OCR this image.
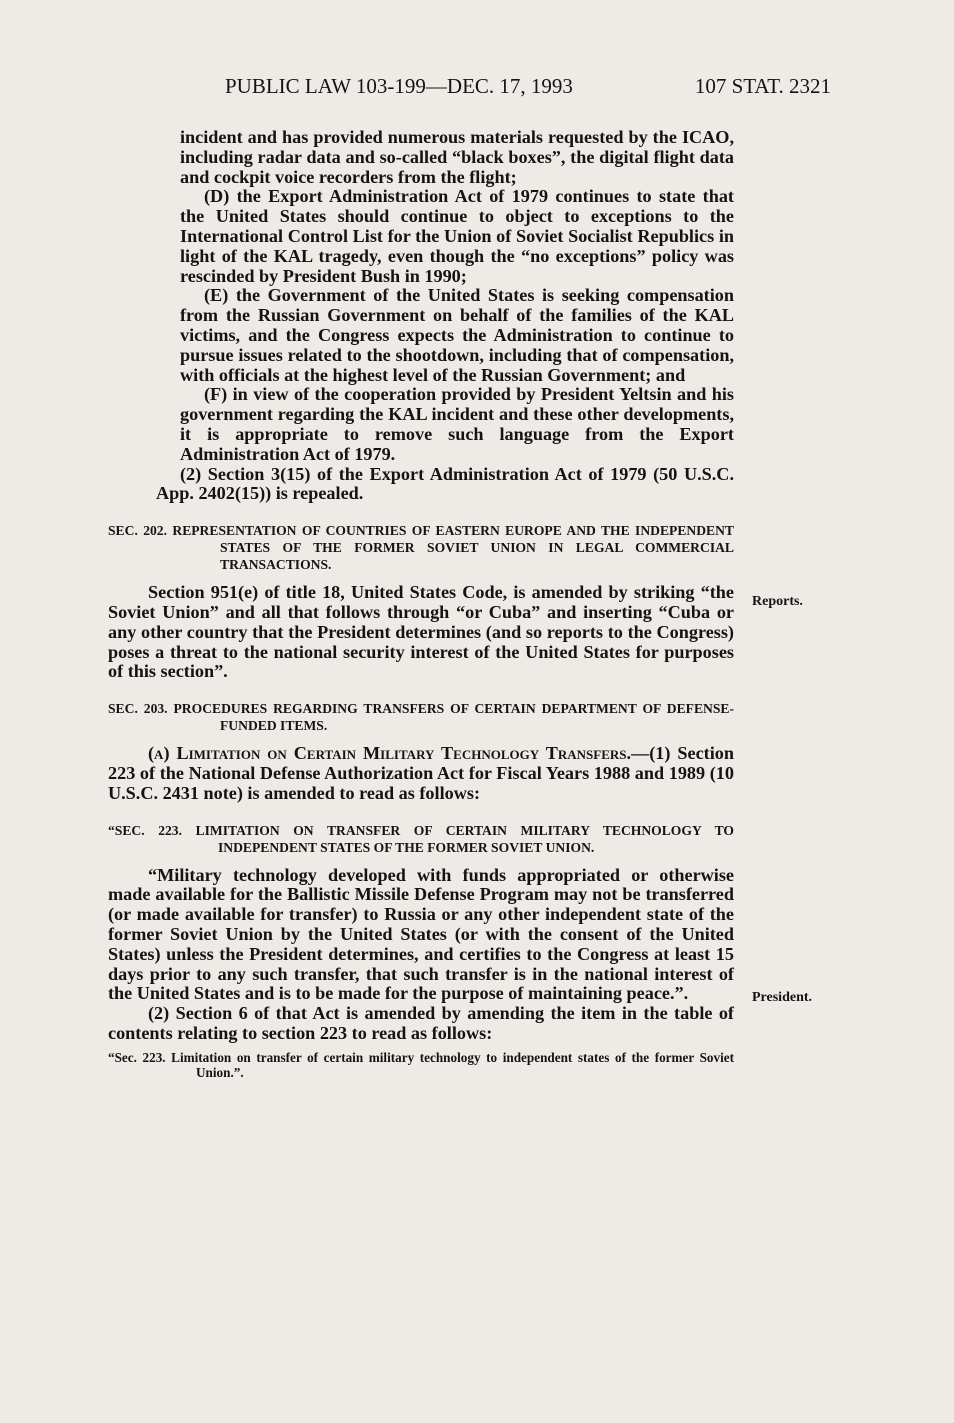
PUBLIC LAW 103-199—DEC. 17, 1993	107 STAT. 2321

incident and has provided numerous materials requested by the ICAO, including radar data and so-called “black boxes”, the digital flight data and cockpit voice recorders from the flight;

(D) the Export Administration Act of 1979 continues to state that the United States should continue to object to exceptions to the International Control List for the Union of Soviet Socialist Republics in light of the KAL tragedy, even though the “no exceptions” policy was rescinded by President Bush in 1990;

(E) the Government of the United States is seeking compensation from the Russian Government on behalf of the families of the KAL victims, and the Congress expects the Administration to continue to pursue issues related to the shootdown, including that of compensation, with officials at the highest level of the Russian Government; and

(F) in view of the cooperation provided by President Yeltsin and his government regarding the KAL incident and these other developments, it is appropriate to remove such language from the Export Administration Act of 1979.

(2) Section 3(15) of the Export Administration Act of 1979 (50 U.S.C. App. 2402(15)) is repealed.

SEC. 202. REPRESENTATION OF COUNTRIES OF EASTERN EUROPE AND THE INDEPENDENT STATES OF THE FORMER SOVIET UNION IN LEGAL COMMERCIAL TRANSACTIONS.

Section 951(e) of title 18, United States Code, is amended by striking “the Soviet Union” and all that follows through “or Cuba” and inserting “Cuba or any other country that the President determines (and so reports to the Congress) poses a threat to the national security interest of the United States for purposes of this section”.

SEC. 203. PROCEDURES REGARDING TRANSFERS OF CERTAIN DEPARTMENT OF DEFENSE-FUNDED ITEMS.

(a) Limitation on Certain Military Technology Transfers.—(1) Section 223 of the National Defense Authorization Act for Fiscal Years 1988 and 1989 (10 U.S.C. 2431 note) is amended to read as follows:

“SEC. 223. LIMITATION ON TRANSFER OF CERTAIN MILITARY TECHNOLOGY TO INDEPENDENT STATES OF THE FORMER SOVIET UNION.

“Military technology developed with funds appropriated or otherwise made available for the Ballistic Missile Defense Program may not be transferred (or made available for transfer) to Russia or any other independent state of the former Soviet Union by the United States (or with the consent of the United States) unless the President determines, and certifies to the Congress at least 15 days prior to any such transfer, that such transfer is in the national interest of the United States and is to be made for the purpose of maintaining peace.”.

(2) Section 6 of that Act is amended by amending the item in the table of contents relating to section 223 to read as follows:

“Sec. 223. Limitation on transfer of certain military technology to independent states of the former Soviet Union.”.

Reports.
President.
